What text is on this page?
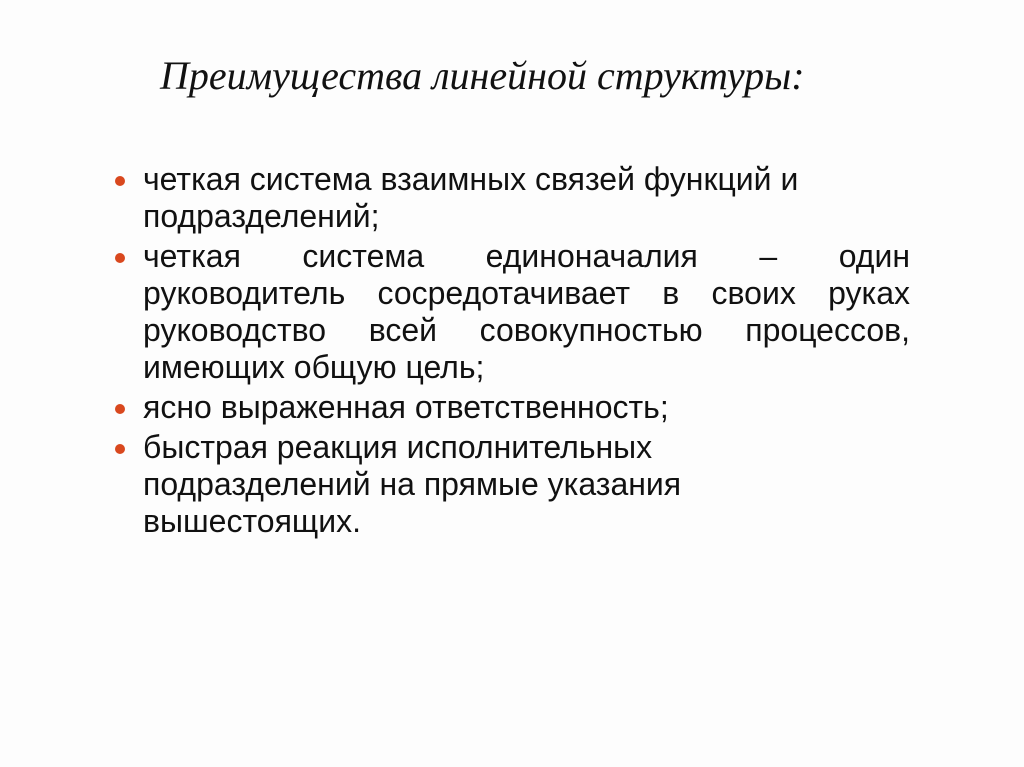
Преимущества линейной структуры:
четкая система взаимных связей функций и подразделений;
четкая система единоначалия – один руководитель сосредотачивает в своих руках руководство всей совокупностью процессов, имеющих общую цель;
ясно выраженная ответственность;
быстрая реакция исполнительных подразделений на прямые указания вышестоящих.
